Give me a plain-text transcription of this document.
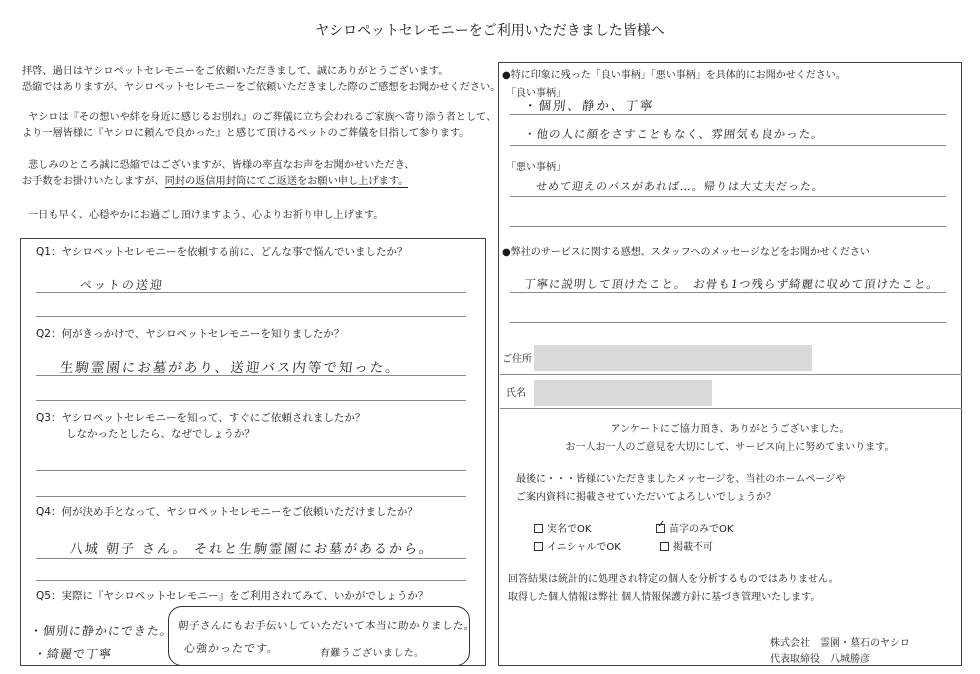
ヤシロペットセレモニーをご利用いただきました皆様へ
拝啓、過日はヤシロペットセレモニーをご依頼いただきまして、誠にありがとうございます。
恐縮ではありますが、ヤシロペットセレモニーをご依頼いただきました際のご感想をお聞かせください。
ヤシロは『その想いや絆を身近に感じるお別れ』のご葬儀に立ち会われるご家族へ寄り添う者として、
より一層皆様に『ヤシロに頼んで良かった』と感じて頂けるペットのご葬儀を目指して参ります。
悲しみのところ誠に恐縮ではございますが、皆様の率直なお声をお聞かせいただき、
お手数をお掛けいたしますが、同封の返信用封筒にてご返送をお願い申し上げます。
一日も早く、心穏やかにお過ごし頂けますよう、心よりお祈り申し上げます。
Q1：ヤシロペットセレモニーを依頼する前に、どんな事で悩んでいましたか？
ペットの送迎
Q2：何がきっかけで、ヤシロペットセレモニーを知りましたか？
生駒霊園にお墓があり、送迎バス内等で知った。
Q3：ヤシロペットセレモニーを知って、すぐにご依頼されましたか？
しなかったとしたら、なぜでしょうか？
Q4：何が決め手となって、ヤシロペットセレモニーをご依頼いただけましたか？
八城 朝子 さん。 それと生駒霊園にお墓があるから。
Q5：実際に『ヤシロペットセレモニー』をご利用されてみて、いかがでしょうか？
・個別に静かにできた。
・綺麗で丁寧
朝子さんにもお手伝いしていただいて本当に助かりました。
心強かったです。	有難うございました。
●特に印象に残った「良い事柄」「悪い事柄」を具体的にお聞かせください。
「良い事柄」
・個別、静か、丁寧
・他の人に顔をさすこともなく、雰囲気も良かった。
「悪い事柄」
せめて迎えのバスがあれば…。帰りは大丈夫だった。
●弊社のサービスに関する感想、スタッフへのメッセージなどをお聞かせください
丁寧に説明して頂けたこと。　お骨も1つ残らず綺麗に収めて頂けたこと。
ご住所
氏名
アンケートにご協力頂き、ありがとうございました。
お一人お一人のご意見を大切にして、サービス向上に努めてまいります。
最後に・・・皆様にいただきましたメッセージを、当社のホームページや
ご案内資料に掲載させていただいてよろしいでしょうか？
実名でOK	✓ 苗字のみでOK
イニシャルでOK	掲載不可
回答結果は統計的に処理され特定の個人を分析するものではありません。
取得した個人情報は弊社 個人情報保護方針に基づき管理いたします。
株式会社　霊園・墓石のヤシロ
代表取締役　八城勝彦
